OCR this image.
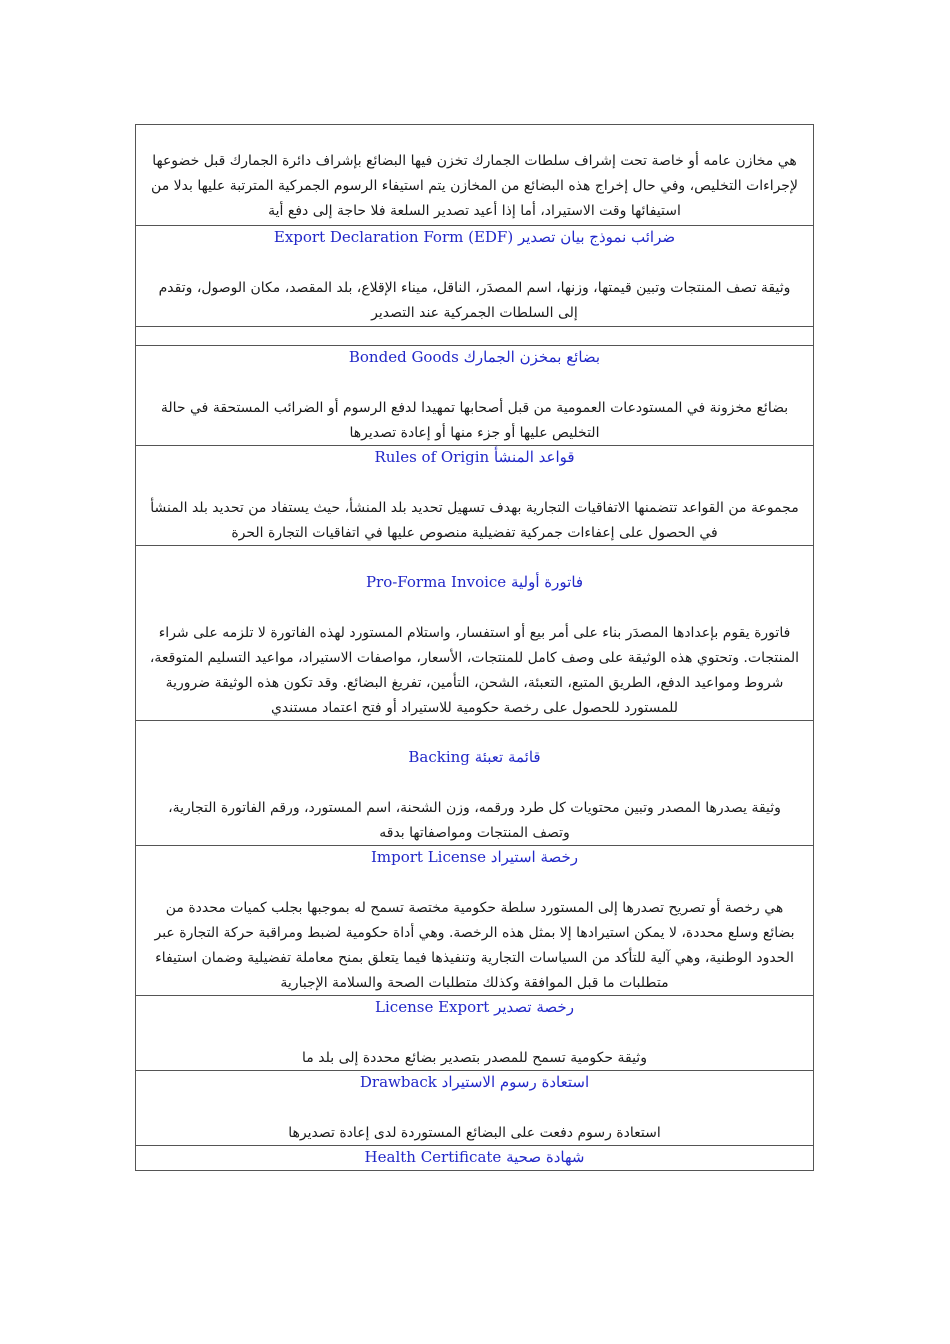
هي مخازن عامه أو خاصة تحت إشراف سلطات الجمارك تخزن فيها البضائع بإشراف دائرة الجمارك قبل خضوعها لإجراءات التخليص، وفي حال إخراج هذه البضائع من المخازن يتم استيفاء الرسوم الجمركية المترتبة عليها بدلا من استيفائها وقت الاستيراد، أما إذا أعيد تصدير السلعة فلا حاجة إلى دفع أية
ضرائب نموذج بيان تصدير Export Declaration Form (EDF)
وثيقة تصف المنتجات وتبين قيمتها، وزنها، اسم المصدَر، الناقل، ميناء الإقلاع، بلد المقصد، مكان الوصول، وتقدم إلى السلطات الجمركية عند التصدير
بضائع بمخزن الجمارك Bonded Goods
بضائع مخزونة في المستودعات العمومية من قبل أصحابها تمهيدا لدفع الرسوم أو الضرائب المستحقة في حالة التخليص عليها أو جزء منها أو إعادة تصديرها
قواعد المنشأ Rules of Origin
مجموعة من القواعد تتضمنها الاتفاقيات التجارية بهدف تسهيل تحديد بلد المنشأ، حيث يستفاد من تحديد بلد المنشأ في الحصول على إعفاءات جمركية تفضيلية منصوص عليها في اتفاقيات التجارة الحرة
فاتورة أولية Pro-Forma Invoice
فاتورة يقوم بإعدادها المصدَر بناء على أمر بيع أو استفسار، واستلام المستورد لهذه الفاتورة لا تلزمه على شراء المنتجات. وتحتوي هذه الوثيقة على وصف كامل للمنتجات، الأسعار، مواصفات الاستيراد، مواعيد التسليم المتوقعة، شروط ومواعيد الدفع، الطريق المتبع، التعبئة، الشحن، التأمين، تفريغ البضائع. وقد تكون هذه الوثيقة ضرورية للمستورد للحصول على رخصة حكومية للاستيراد أو فتح اعتماد مستندي
قائمة تعبئة Backing
وثيقة يصدرها المصدر وتبين محتويات كل طرد ورقمه، وزن الشحنة، اسم المستورد، ورقم الفاتورة التجارية، وتصف المنتجات ومواصفاتها بدقه
رخصة استيراد Import License
هي رخصة أو تصريح تصدرها إلى المستورد سلطة حكومية مختصة تسمح له بموجبها بجلب كميات محددة من بضائع وسلع محددة، لا يمكن استيرادها إلا بمثل هذه الرخصة. وهي أداة حكومية لضبط ومراقبة حركة التجارة عبر الحدود الوطنية، وهي آلية للتأكد من السياسات التجارية وتنفيذها فيما يتعلق بمنح معاملة تفضيلية وضمان استيفاء متطلبات ما قبل الموافقة وكذلك متطلبات الصحة والسلامة الإجبارية
رخصة تصدير License Export
وثيقة حكومية تسمح للمصدر بتصدير بضائع محددة إلى بلد ما
استعادة رسوم الاستيراد Drawback
استعادة رسوم دفعت على البضائع المستوردة لدى إعادة تصديرها
شهادة صحية Health Certificate
